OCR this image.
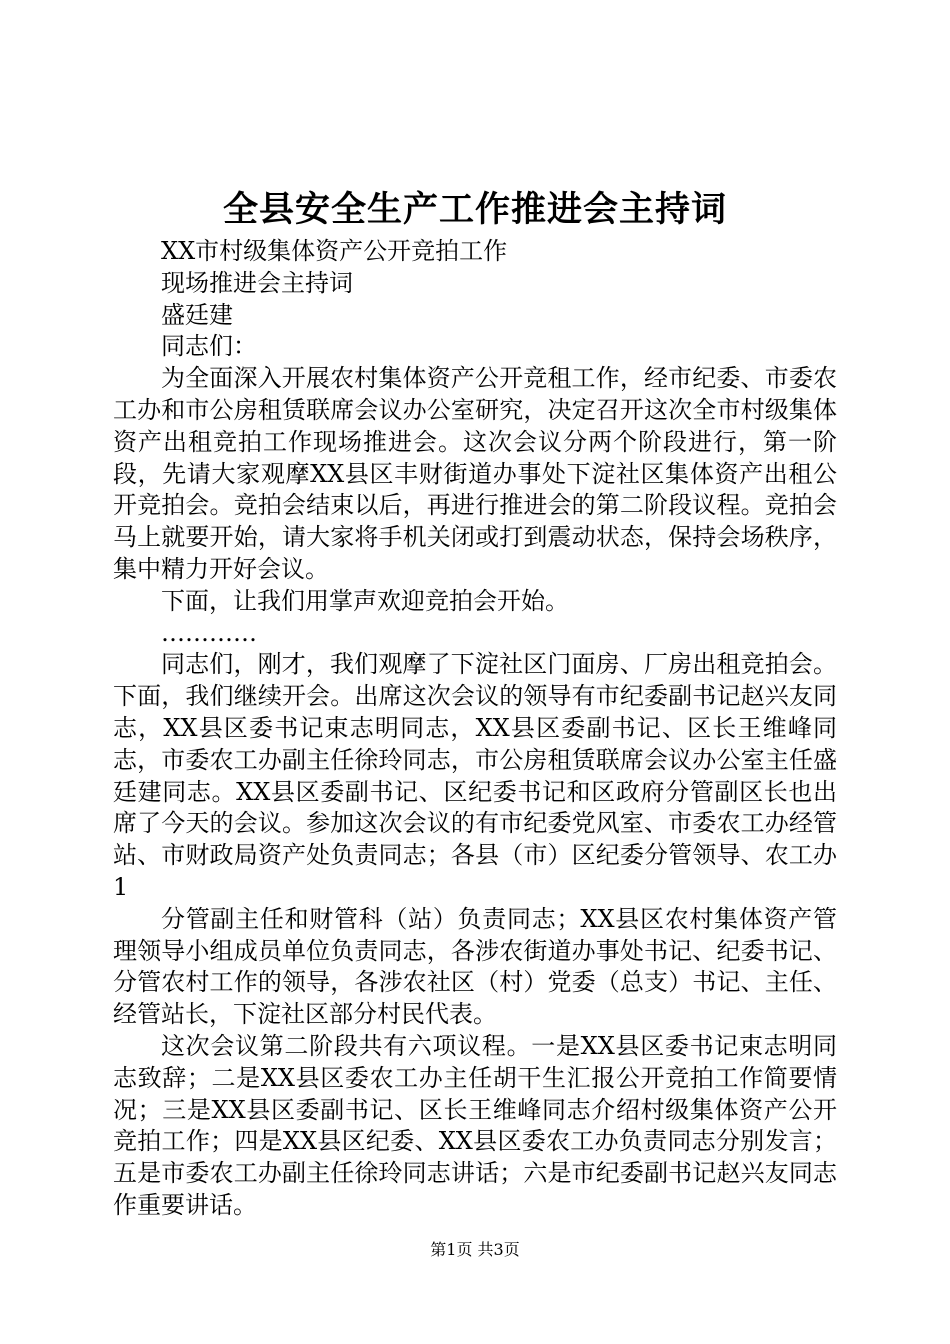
全县安全生产工作推进会主持词

XX市村级集体资产公开竞拍工作

现场推进会主持词

盛廷建

同志们：

为全面深入开展农村集体资产公开竞租工作，经市纪委、市委农工办和市公房租赁联席会议办公室研究，决定召开这次全市村级集体资产出租竞拍工作现场推进会。这次会议分两个阶段进行，第一阶段，先请大家观摩XX县区丰财街道办事处下淀社区集体资产出租公开竞拍会。竞拍会结束以后，再进行推进会的第二阶段议程。竞拍会马上就要开始，请大家将手机关闭或打到震动状态，保持会场秩序，集中精力开好会议。

下面，让我们用掌声欢迎竞拍会开始。

…………

同志们，刚才，我们观摩了下淀社区门面房、厂房出租竞拍会。下面，我们继续开会。出席这次会议的领导有市纪委副书记赵兴友同志，XX县区委书记束志明同志，XX县区委副书记、区长王维峰同志，市委农工办副主任徐玲同志，市公房租赁联席会议办公室主任盛廷建同志。XX县区委副书记、区纪委书记和区政府分管副区长也出席了今天的会议。参加这次会议的有市纪委党风室、市委农工办经管站、市财政局资产处负责同志；各县（市）区纪委分管领导、农工办1

分管副主任和财管科（站）负责同志；XX县区农村集体资产管理领导小组成员单位负责同志，各涉农街道办事处书记、纪委书记、分管农村工作的领导，各涉农社区（村）党委（总支）书记、主任、经管站长，下淀社区部分村民代表。

这次会议第二阶段共有六项议程。一是XX县区委书记束志明同志致辞；二是XX县区委农工办主任胡干生汇报公开竞拍工作简要情况；三是XX县区委副书记、区长王维峰同志介绍村级集体资产公开竞拍工作；四是XX县区纪委、XX县区委农工办负责同志分别发言；五是市委农工办副主任徐玲同志讲话；六是市纪委副书记赵兴友同志作重要讲话。

第1页 共3页
